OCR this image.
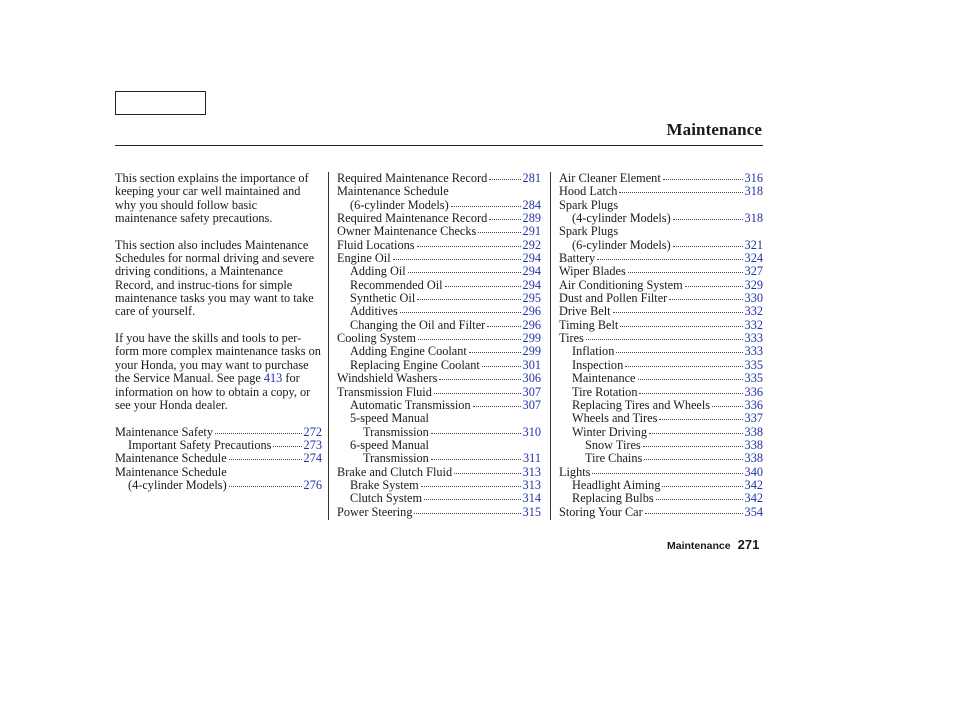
Maintenance

This section explains the importance of keeping your car well maintained and why you should follow basic maintenance safety precautions.

This section also includes Maintenance Schedules for normal driving and severe driving conditions, a Maintenance Record, and instruc-tions for simple maintenance tasks you may want to take care of yourself.

If you have the skills and tools to per-form more complex maintenance tasks on your Honda, you may want to purchase the Service Manual. See page 413 for information on how to obtain a copy, or see your Honda dealer.

Maintenance Safety	272
Important Safety Precautions	273
Maintenance Schedule	274
Maintenance Schedule
(4-cylinder Models)	276
Required Maintenance Record	281
Maintenance Schedule
(6-cylinder Models)	284
Required Maintenance Record	289
Owner Maintenance Checks	291
Fluid Locations	292
Engine Oil	294
Adding Oil	294
Recommended Oil	294
Synthetic Oil	295
Additives	296
Changing the Oil and Filter	296
Cooling System	299
Adding Engine Coolant	299
Replacing Engine Coolant	301
Windshield Washers	306
Transmission Fluid	307
Automatic Transmission	307
5-speed Manual
Transmission	310
6-speed Manual
Transmission	311
Brake and Clutch Fluid	313
Brake System	313
Clutch System	314
Power Steering	315
Air Cleaner Element	316
Hood Latch	318
Spark Plugs
(4-cylinder Models)	318
Spark Plugs
(6-cylinder Models)	321
Battery	324
Wiper Blades	327
Air Conditioning System	329
Dust and Pollen Filter	330
Drive Belt	332
Timing Belt	332
Tires	333
Inflation	333
Inspection	335
Maintenance	335
Tire Rotation	336
Replacing Tires and Wheels	336
Wheels and Tires	337
Winter Driving	338
Snow Tires	338
Tire Chains	338
Lights	340
Headlight Aiming	342
Replacing Bulbs	342
Storing Your Car	354
Maintenance 271
